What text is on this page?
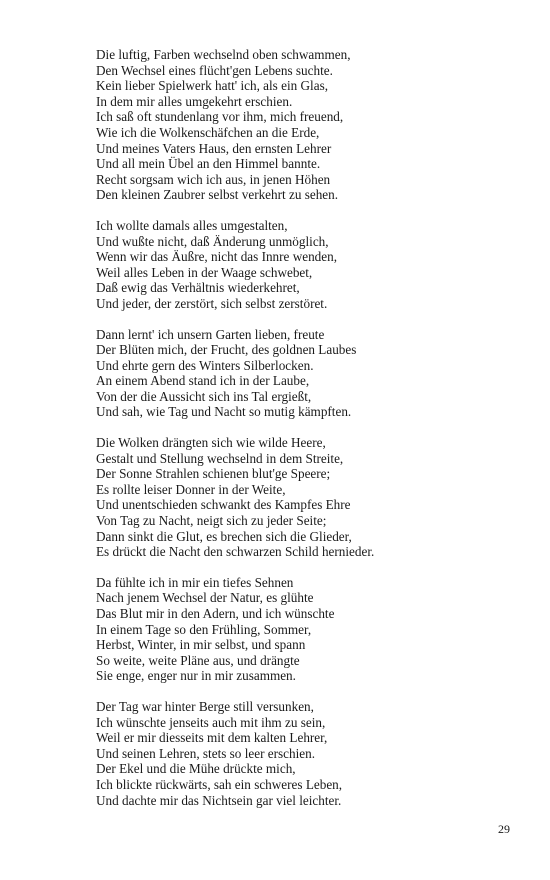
Die luftig, Farben wechselnd oben schwammen,
Den Wechsel eines flücht'gen Lebens suchte.
Kein lieber Spielwerk hatt' ich, als ein Glas,
In dem mir alles umgekehrt erschien.
Ich saß oft stundenlang vor ihm, mich freuend,
Wie ich die Wolkenschäfchen an die Erde,
Und meines Vaters Haus, den ernsten Lehrer
Und all mein Übel an den Himmel bannte.
Recht sorgsam wich ich aus, in jenen Höhen
Den kleinen Zaubrer selbst verkehrt zu sehen.
Ich wollte damals alles umgestalten,
Und wußte nicht, daß Änderung unmöglich,
Wenn wir das Äußre, nicht das Innre wenden,
Weil alles Leben in der Waage schwebet,
Daß ewig das Verhältnis wiederkehret,
Und jeder, der zerstört, sich selbst zerstöret.
Dann lernt' ich unsern Garten lieben, freute
Der Blüten mich, der Frucht, des goldnen Laubes
Und ehrte gern des Winters Silberlocken.
An einem Abend stand ich in der Laube,
Von der die Aussicht sich ins Tal ergießt,
Und sah, wie Tag und Nacht so mutig kämpften.
Die Wolken drängten sich wie wilde Heere,
Gestalt und Stellung wechselnd in dem Streite,
Der Sonne Strahlen schienen blut'ge Speere;
Es rollte leiser Donner in der Weite,
Und unentschieden schwankt des Kampfes Ehre
Von Tag zu Nacht, neigt sich zu jeder Seite;
Dann sinkt die Glut, es brechen sich die Glieder,
Es drückt die Nacht den schwarzen Schild hernieder.
Da fühlte ich in mir ein tiefes Sehnen
Nach jenem Wechsel der Natur, es glühte
Das Blut mir in den Adern, und ich wünschte
In einem Tage so den Frühling, Sommer,
Herbst, Winter, in mir selbst, und spann
So weite, weite Pläne aus, und drängte
Sie enge, enger nur in mir zusammen.
Der Tag war hinter Berge still versunken,
Ich wünschte jenseits auch mit ihm zu sein,
Weil er mir diesseits mit dem kalten Lehrer,
Und seinen Lehren, stets so leer erschien.
Der Ekel und die Mühe drückte mich,
Ich blickte rückwärts, sah ein schweres Leben,
Und dachte mir das Nichtsein gar viel leichter.
29
